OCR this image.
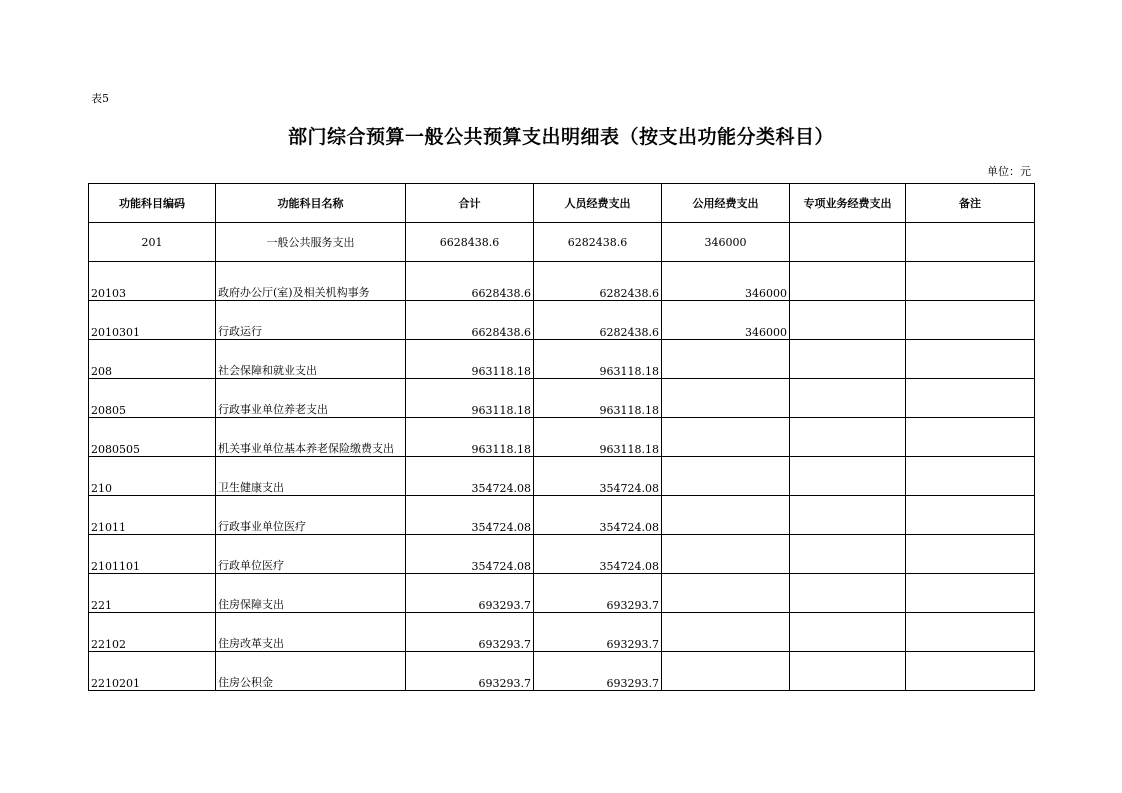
表5
部门综合预算一般公共预算支出明细表（按支出功能分类科目）
单位：元
功能科目编码	功能科目名称	合计	人员经费支出	公用经费支出	专项业务经费支出	备注
201	一般公共服务支出	6628438.6	6282438.6	346000		
20103	政府办公厅(室)及相关机构事务	6628438.6	6282438.6	346000		
2010301	行政运行	6628438.6	6282438.6	346000		
208	社会保障和就业支出	963118.18	963118.18			
20805	行政事业单位养老支出	963118.18	963118.18			
2080505	机关事业单位基本养老保险缴费支出	963118.18	963118.18			
210	卫生健康支出	354724.08	354724.08			
21011	行政事业单位医疗	354724.08	354724.08			
2101101	行政单位医疗	354724.08	354724.08			
221	住房保障支出	693293.7	693293.7			
22102	住房改革支出	693293.7	693293.7			
2210201	住房公积金	693293.7	693293.7			
